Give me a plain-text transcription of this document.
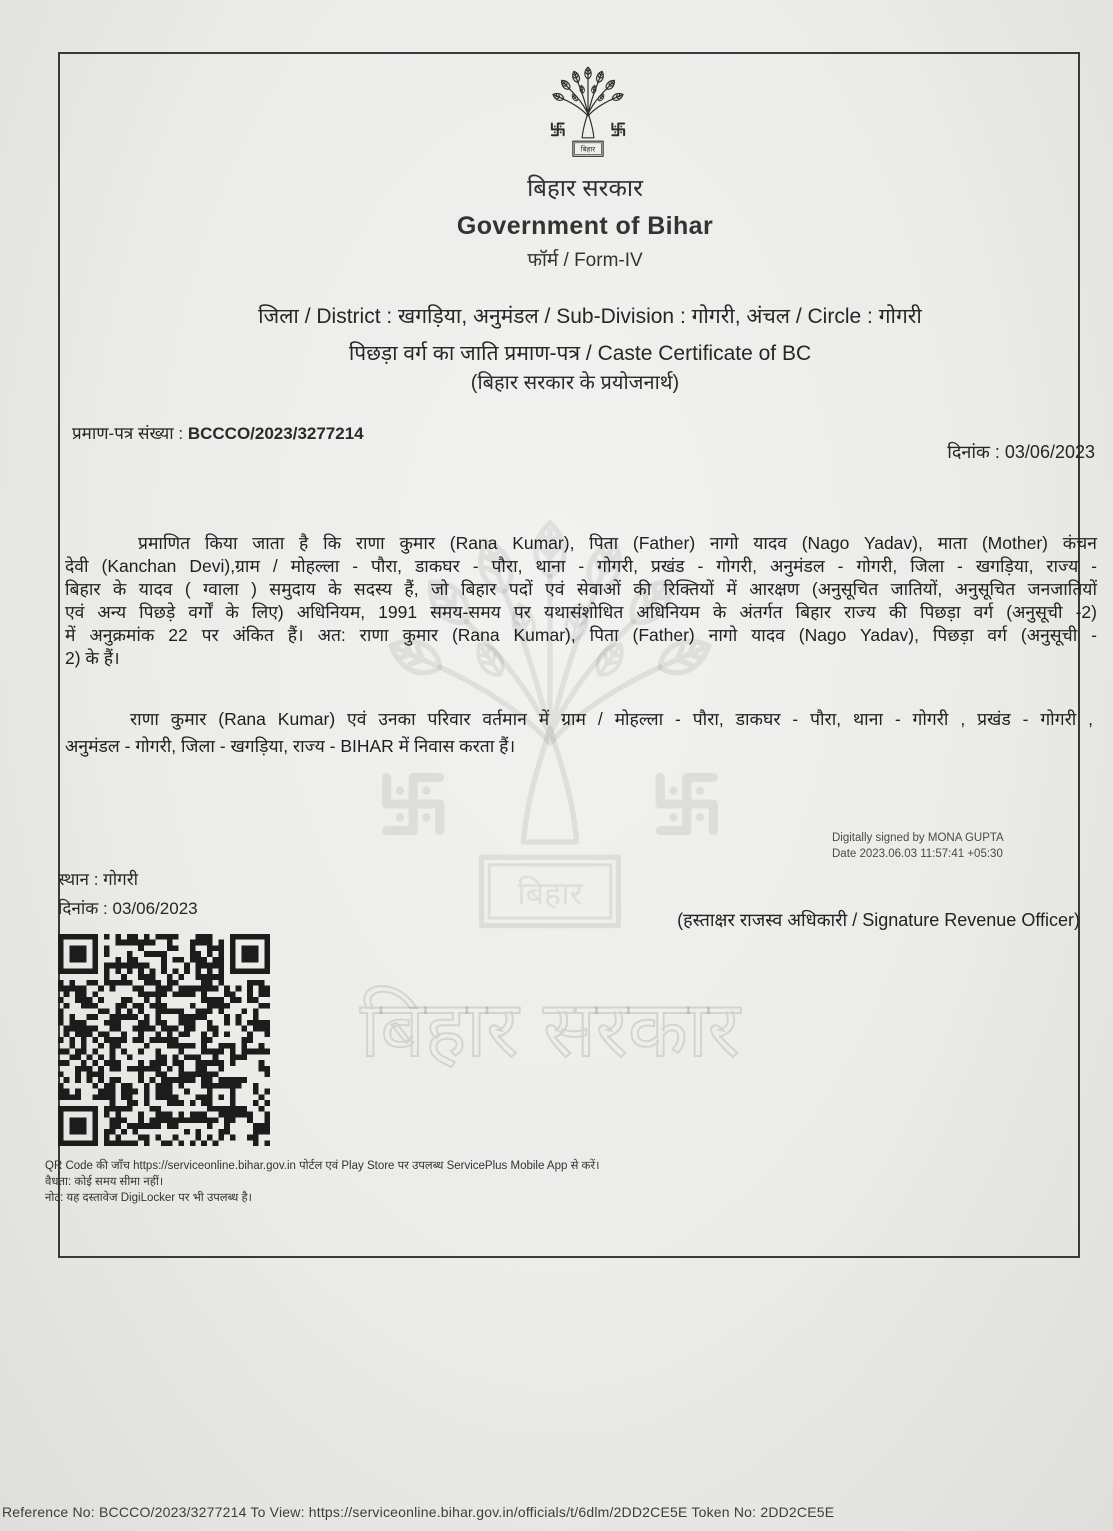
बिहार सरकार
बिहार
बिहार सरकार
Government of Bihar
फॉर्म / Form-IV
जिला / District : खगड़िया, अनुमंडल / Sub-Division : गोगरी, अंचल / Circle : गोगरी
पिछड़ा वर्ग का जाति प्रमाण-पत्र / Caste Certificate of BC
(बिहार सरकार के प्रयोजनार्थ)
प्रमाण-पत्र संख्या : BCCCO/2023/3277214
दिनांक : 03/06/2023
प्रमाणित किया जाता है कि राणा कुमार (Rana Kumar), पिता (Father) नागो यादव (Nago Yadav), माता (Mother) कंचन
देवी (Kanchan Devi),ग्राम / मोहल्ला - पौरा, डाकघर - पौरा, थाना - गोगरी, प्रखंड - गोगरी, अनुमंडल - गोगरी, जिला - खगड़िया, राज्य -
बिहार के यादव ( ग्वाला ) समुदाय के सदस्य हैं, जो बिहार पदों एवं सेवाओं की रिक्तियों में आरक्षण (अनुसूचित जातियों, अनुसूचित जनजातियों
एवं अन्य पिछड़े वर्गों के लिए) अधिनियम, 1991 समय-समय पर यथासंशोधित अधिनियम के अंतर्गत बिहार राज्य की पिछड़ा वर्ग (अनुसूची -2)
में अनुक्रमांक 22 पर अंकित हैं। अत: राणा कुमार (Rana Kumar), पिता (Father) नागो यादव (Nago Yadav), पिछड़ा वर्ग (अनुसूची -
2) के हैं।
राणा कुमार (Rana Kumar) एवं उनका परिवार वर्तमान में ग्राम / मोहल्ला - पौरा, डाकघर - पौरा, थाना - गोगरी , प्रखंड - गोगरी ,
अनुमंडल - गोगरी, जिला - खगड़िया, राज्य - BIHAR में निवास करता हैं।
Digitally signed by MONA GUPTA
Date 2023.06.03 11:57:41 +05:30
स्थान : गोगरी
दिनांक : 03/06/2023
(हस्ताक्षर राजस्व अधिकारी / Signature Revenue Officer)
QR Code की जाँच https://serviceonline.bihar.gov.in पोर्टल एवं Play Store पर उपलब्ध ServicePlus Mobile App से करें।
वैधता: कोई समय सीमा नहीं।
नोट: यह दस्तावेज DigiLocker पर भी उपलब्ध है।
Reference No: BCCCO/2023/3277214 To View: https://serviceonline.bihar.gov.in/officials/t/6dlm/2DD2CE5E Token No: 2DD2CE5E
